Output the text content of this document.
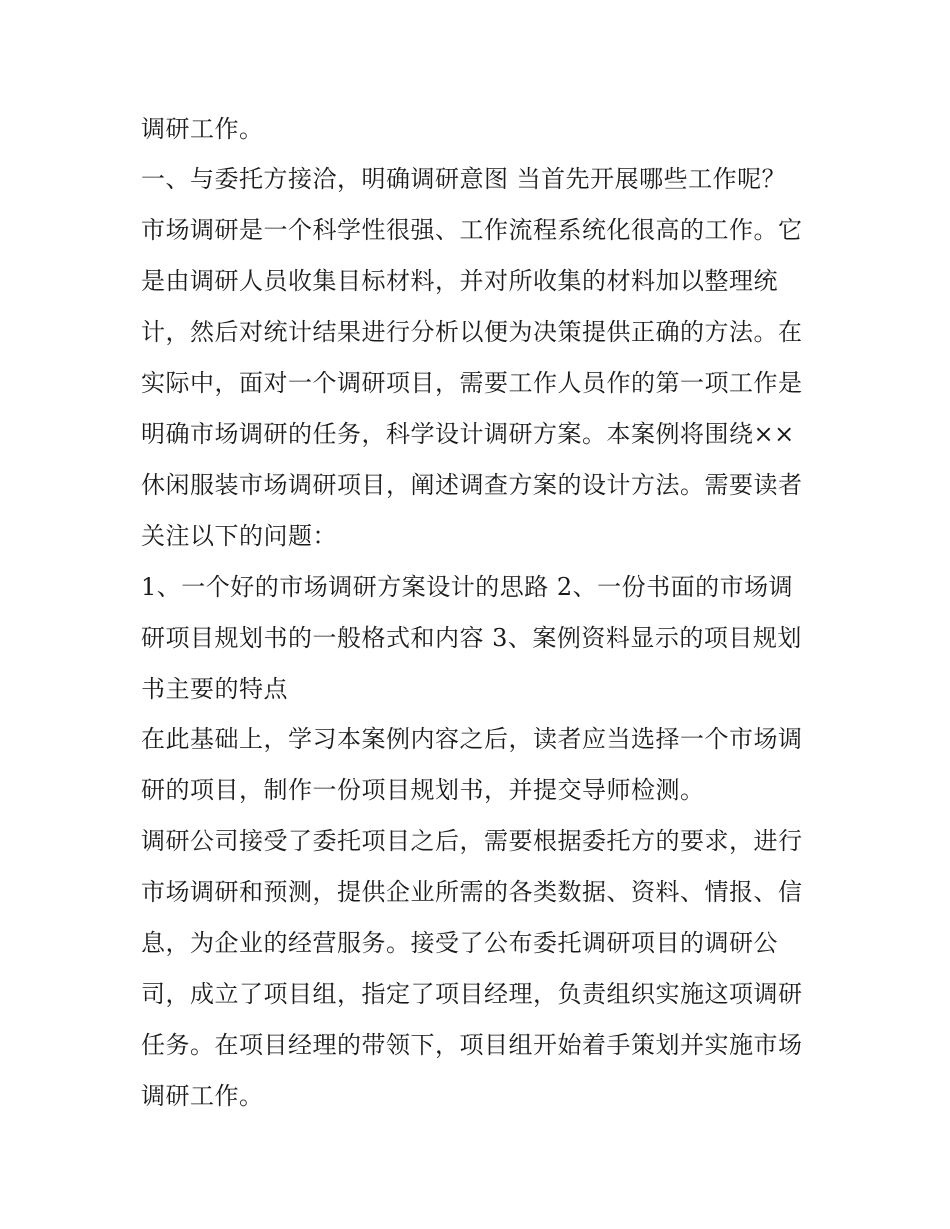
调研工作。

一、与委托方接洽，明确调研意图 当首先开展哪些工作呢？

市场调研是一个科学性很强、工作流程系统化很高的工作。它

是由调研人员收集目标材料，并对所收集的材料加以整理统

计，然后对统计结果进行分析以便为决策提供正确的方法。在

实际中，面对一个调研项目，需要工作人员作的第一项工作是

明确市场调研的任务，科学设计调研方案。本案例将围绕××

休闲服装市场调研项目，阐述调查方案的设计方法。需要读者

关注以下的问题：

1、一个好的市场调研方案设计的思路 2、一份书面的市场调

研项目规划书的一般格式和内容 3、案例资料显示的项目规划

书主要的特点

在此基础上，学习本案例内容之后，读者应当选择一个市场调

研的项目，制作一份项目规划书，并提交导师检测。

调研公司接受了委托项目之后，需要根据委托方的要求，进行

市场调研和预测，提供企业所需的各类数据、资料、情报、信

息，为企业的经营服务。接受了公布委托调研项目的调研公

司，成立了项目组，指定了项目经理，负责组织实施这项调研

任务。在项目经理的带领下，项目组开始着手策划并实施市场

调研工作。
